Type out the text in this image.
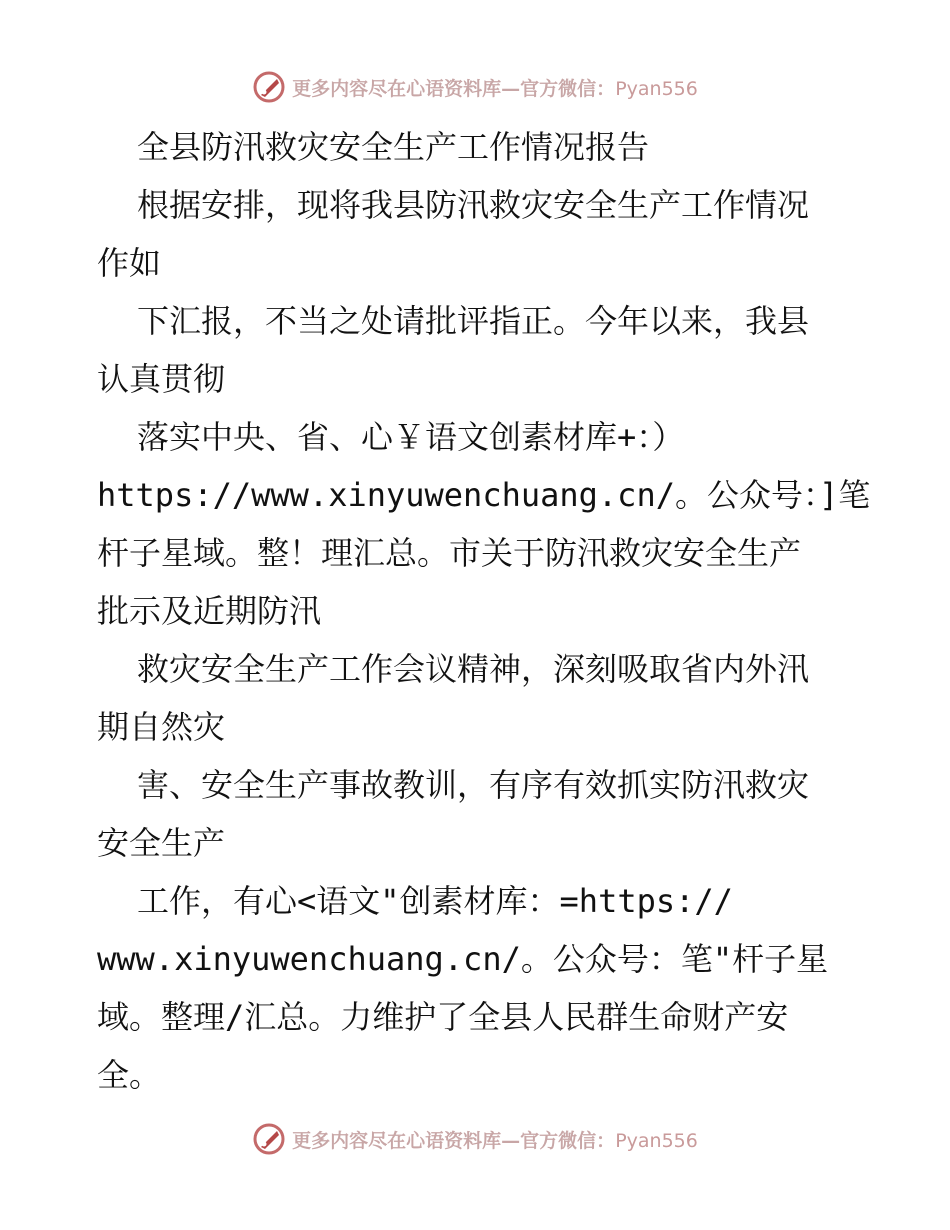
更多内容尽在心语资料库—官方微信：Pyan556
全县防汛救灾安全生产工作情况报告
根据安排，现将我县防汛救灾安全生产工作情况
作如
下汇报，不当之处请批评指正。今年以来，我县
认真贯彻
落实中央、省、心￥语文创素材库+：）
https://www.xinyuwenchuang.cn/。公众号：]笔
杆子星域。整！理汇总。市关于防汛救灾安全生产
批示及近期防汛
救灾安全生产工作会议精神，深刻吸取省内外汛
期自然灾
害、安全生产事故教训，有序有效抓实防汛救灾
安全生产
工作，有心<语文"创素材库：=https://
www.xinyuwenchuang.cn/。公众号：笔"杆子星
域。整理/汇总。力维护了全县人民群生命财产安
全。
更多内容尽在心语资料库—官方微信：Pyan556
